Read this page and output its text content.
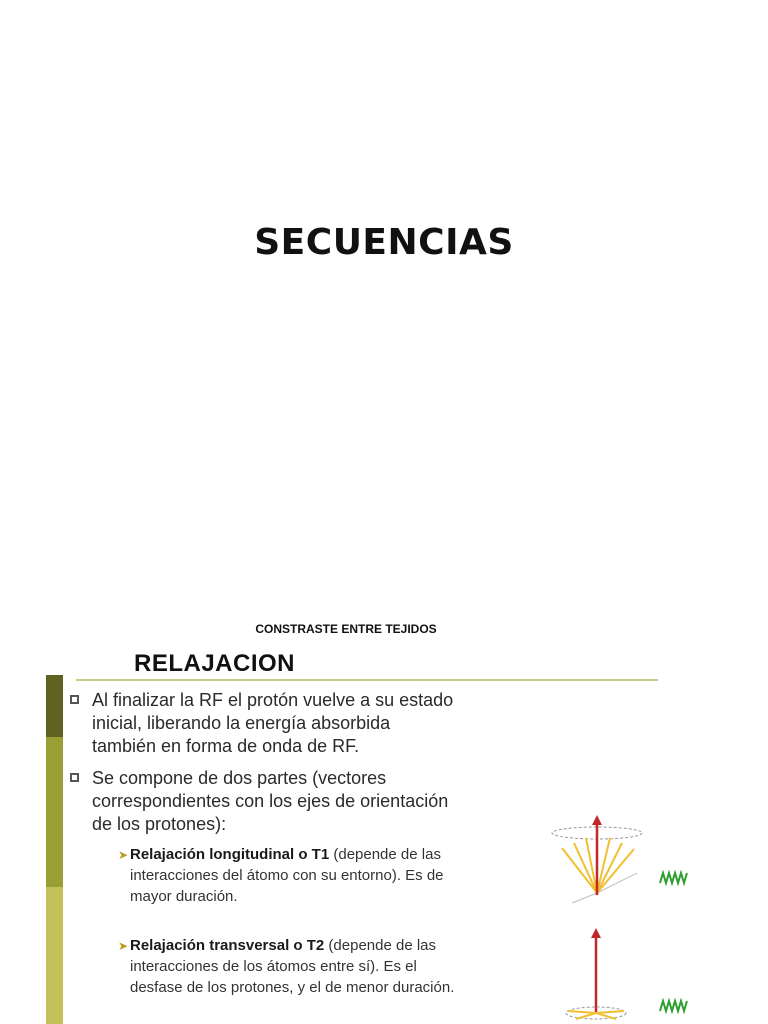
SECUENCIAS
CONSTRASTE ENTRE TEJIDOS
RELAJACION
Al finalizar la RF el protón vuelve a su estado
inicial, liberando la energía absorbida
también en forma de onda de RF.
Se compone de dos partes (vectores
correspondientes con los ejes de orientación
de los protones):
➤ Relajación longitudinal o T1 (depende de las
interacciones del átomo con su entorno). Es de
mayor duración.
➤ Relajación transversal o T2 (depende de las
interacciones de los átomos entre sí). Es el
desfase de los protones, y el de menor duración.
